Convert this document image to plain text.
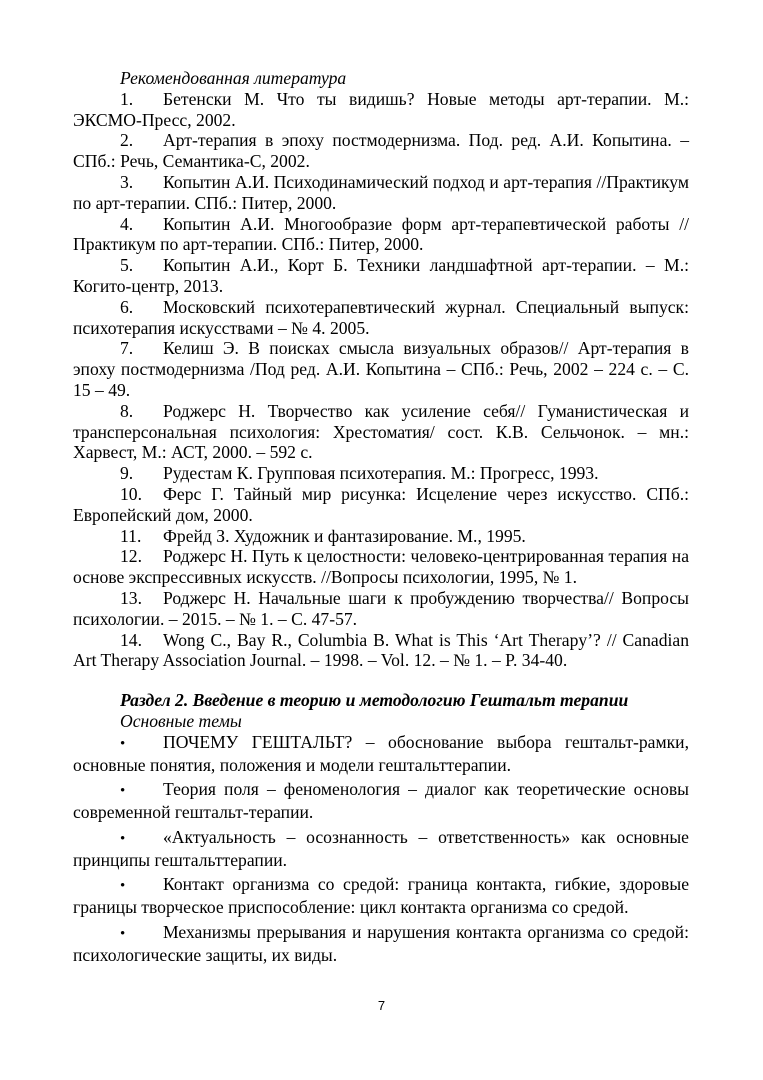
Рекомендованная литература

1. Бетенски М. Что ты видишь? Новые методы арт-терапии. М.: ЭКСМО-Пресс, 2002.
2. Арт-терапия в эпоху постмодернизма. Под. ред. А.И. Копытина. – СПб.: Речь, Семантика-С, 2002.
3. Копытин А.И. Психодинамический подход и арт-терапия //Практикум по арт-терапии. СПб.: Питер, 2000.
4. Копытин А.И. Многообразие форм арт-терапевтической работы //Практикум по арт-терапии. СПб.: Питер, 2000.
5. Копытин А.И., Корт Б. Техники ландшафтной арт-терапии. – М.: Когито-центр, 2013.
6. Московский психотерапевтический журнал. Специальный выпуск: психотерапия искусствами – № 4. 2005.
7. Келиш Э. В поисках смысла визуальных образов// Арт-терапия в эпоху постмодернизма /Под ред. А.И. Копытина – СПб.: Речь, 2002 – 224 с. – С. 15 – 49.
8. Роджерс Н. Творчество как усиление себя// Гуманистическая и трансперсональная психология: Хрестоматия/ сост. К.В. Сельчонок. – мн.: Харвест, М.: АСТ, 2000. – 592 с.
9. Рудестам К. Групповая психотерапия. М.: Прогресс, 1993.
10. Ферс Г. Тайный мир рисунка: Исцеление через искусство. СПб.: Европейский дом, 2000.
11. Фрейд З. Художник и фантазирование. М., 1995.
12. Роджерс Н. Путь к целостности: человеко-центрированная терапия на основе экспрессивных искусств. //Вопросы психологии, 1995, № 1.
13. Роджерс Н. Начальные шаги к пробуждению творчества// Вопросы психологии. – 2015. – № 1. – С. 47-57.
14. Wong C., Bay R., Columbia B. What is This ‘Art Therapy’? // Canadian Art Therapy Association Journal. – 1998. – Vol. 12. – № 1. – P. 34-40.

Раздел 2. Введение в теорию и методологию Гештальт терапии

Основные темы

• ПОЧЕМУ ГЕШТАЛЬТ? – обоснование выбора гештальт-рамки, основные понятия, положения и модели гештальттерапии.
• Теория поля – феноменология – диалог как теоретические основы современной гештальт-терапии.
• «Актуальность – осознанность – ответственность» как основные принципы гештальттерапии.
• Контакт организма со средой: граница контакта, гибкие, здоровые границы творческое приспособление: цикл контакта организма со средой.
• Механизмы прерывания и нарушения контакта организма со средой: психологические защиты, их виды.
7
